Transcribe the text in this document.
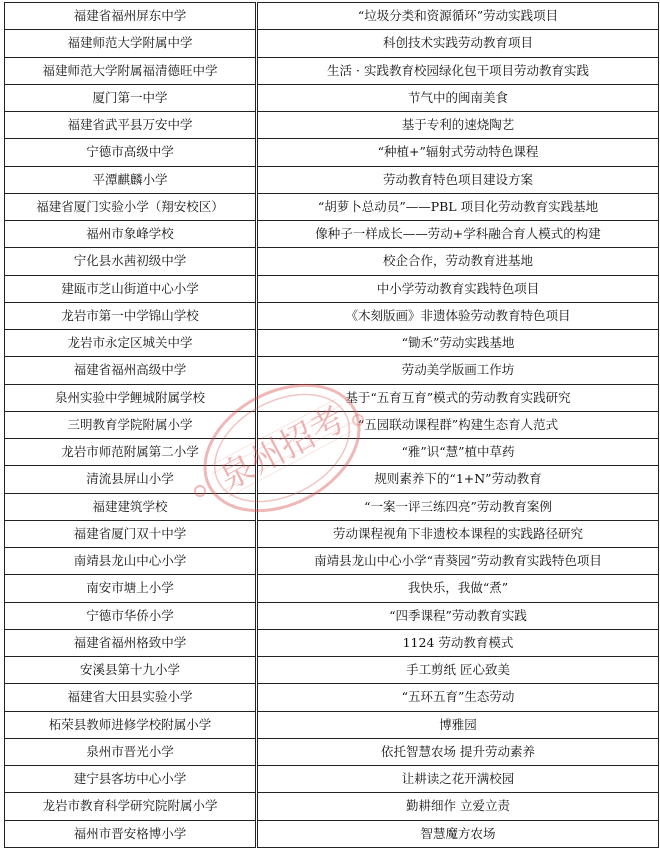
福建省福州屏东中学	“垃圾分类和资源循环”劳动实践项目
福建师范大学附属中学	科创技术实践劳动教育项目
福建师范大学附属福清德旺中学	生活 · 实践教育校园绿化包干项目劳动教育实践
厦门第一中学	节气中的闽南美食
福建省武平县万安中学	基于专利的速烧陶艺
宁德市高级中学	“种植+”辐射式劳动特色课程
平潭麒麟小学	劳动教育特色项目建设方案
福建省厦门实验小学（翔安校区）	“胡萝卜总动员”——PBL 项目化劳动教育实践基地
福州市象峰学校	像种子一样成长——劳动+学科融合育人模式的构建
宁化县水茜初级中学	校企合作，劳动教育进基地
建瓯市芝山街道中心小学	中小学劳动教育实践特色项目
龙岩市第一中学锦山学校	《木刻版画》非遗体验劳动教育特色项目
龙岩市永定区城关中学	“锄禾”劳动实践基地
福建省福州高级中学	劳动美学版画工作坊
泉州实验中学鲤城附属学校	基于“五育互育”模式的劳动教育实践研究
三明教育学院附属小学	“五园联动课程群”构建生态育人范式
龙岩市师范附属第二小学	“雅”识“慧”植中草药
清流县屏山小学	规则素养下的“1+N”劳动教育
福建建筑学校	“一案一评三练四亮”劳动教育案例
福建省厦门双十中学	劳动课程视角下非遗校本课程的实践路径研究
南靖县龙山中心小学	南靖县龙山中心小学“青葵园”劳动教育实践特色项目
南安市塘上小学	我快乐，我做“煮”
宁德市华侨小学	“四季课程”劳动教育实践
福建省福州格致中学	1124 劳动教育模式
安溪县第十九小学	手工剪纸 匠心致美
福建省大田县实验小学	“五环五育”生态劳动
柘荣县教师进修学校附属小学	博雅园
泉州市晋光小学	依托智慧农场 提升劳动素养
建宁县客坊中心小学	让耕读之花开满校园
龙岩市教育科学研究院附属小学	勤耕细作 立爱立责
福州市晋安格博小学	智慧魔方农场
泉州招考
